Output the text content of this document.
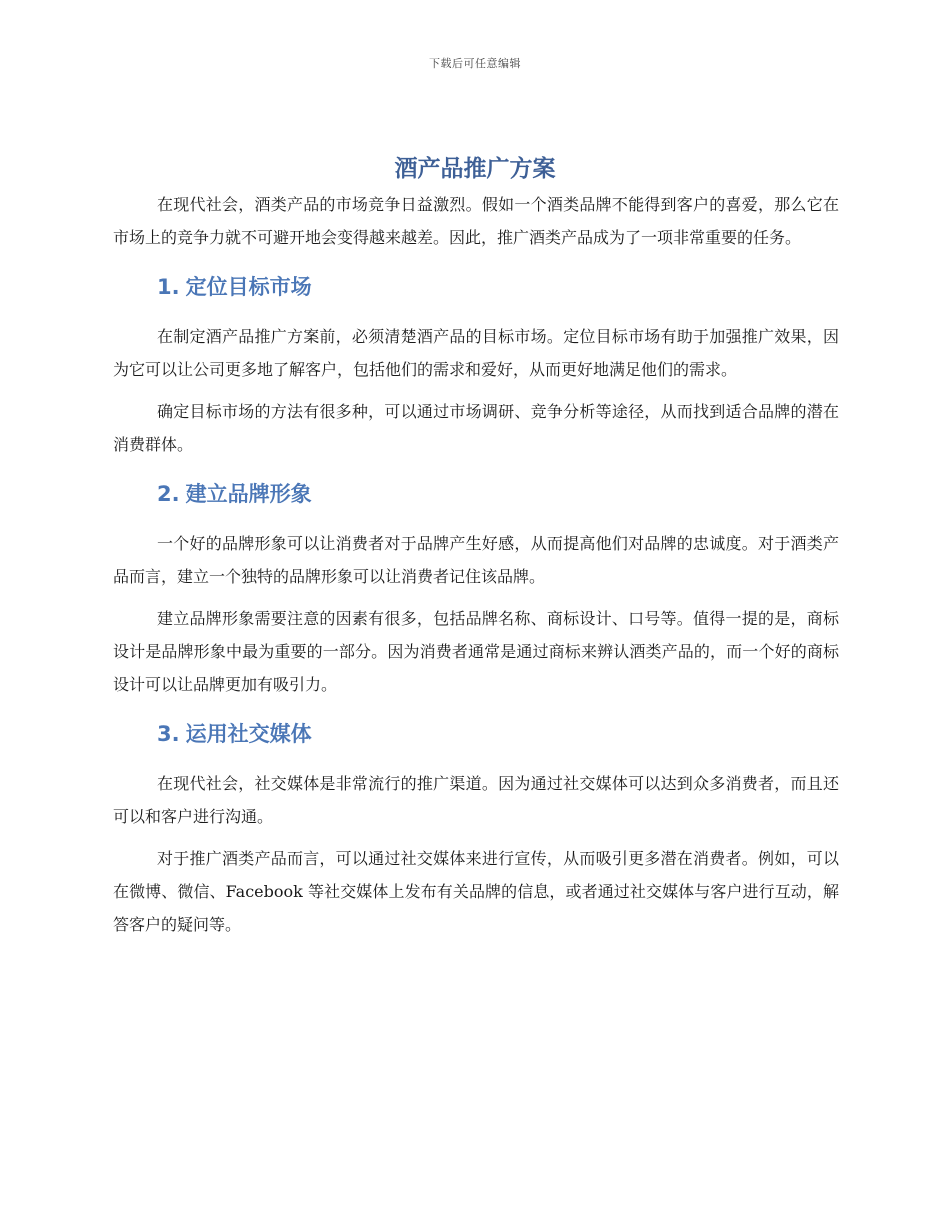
下载后可任意编辑
酒产品推广方案

在现代社会，酒类产品的市场竞争日益激烈。假如一个酒类品牌不能得到客户的喜爱，那么它在市场上的竞争力就不可避开地会变得越来越差。因此，推广酒类产品成为了一项非常重要的任务。

1. 定位目标市场

在制定酒产品推广方案前，必须清楚酒产品的目标市场。定位目标市场有助于加强推广效果，因为它可以让公司更多地了解客户，包括他们的需求和爱好，从而更好地满足他们的需求。

确定目标市场的方法有很多种，可以通过市场调研、竞争分析等途径，从而找到适合品牌的潜在消费群体。

2. 建立品牌形象

一个好的品牌形象可以让消费者对于品牌产生好感，从而提高他们对品牌的忠诚度。对于酒类产品而言，建立一个独特的品牌形象可以让消费者记住该品牌。

建立品牌形象需要注意的因素有很多，包括品牌名称、商标设计、口号等。值得一提的是，商标设计是品牌形象中最为重要的一部分。因为消费者通常是通过商标来辨认酒类产品的，而一个好的商标设计可以让品牌更加有吸引力。

3. 运用社交媒体

在现代社会，社交媒体是非常流行的推广渠道。因为通过社交媒体可以达到众多消费者，而且还可以和客户进行沟通。

对于推广酒类产品而言，可以通过社交媒体来进行宣传，从而吸引更多潜在消费者。例如，可以在微博、微信、Facebook 等社交媒体上发布有关品牌的信息，或者通过社交媒体与客户进行互动，解答客户的疑问等。
